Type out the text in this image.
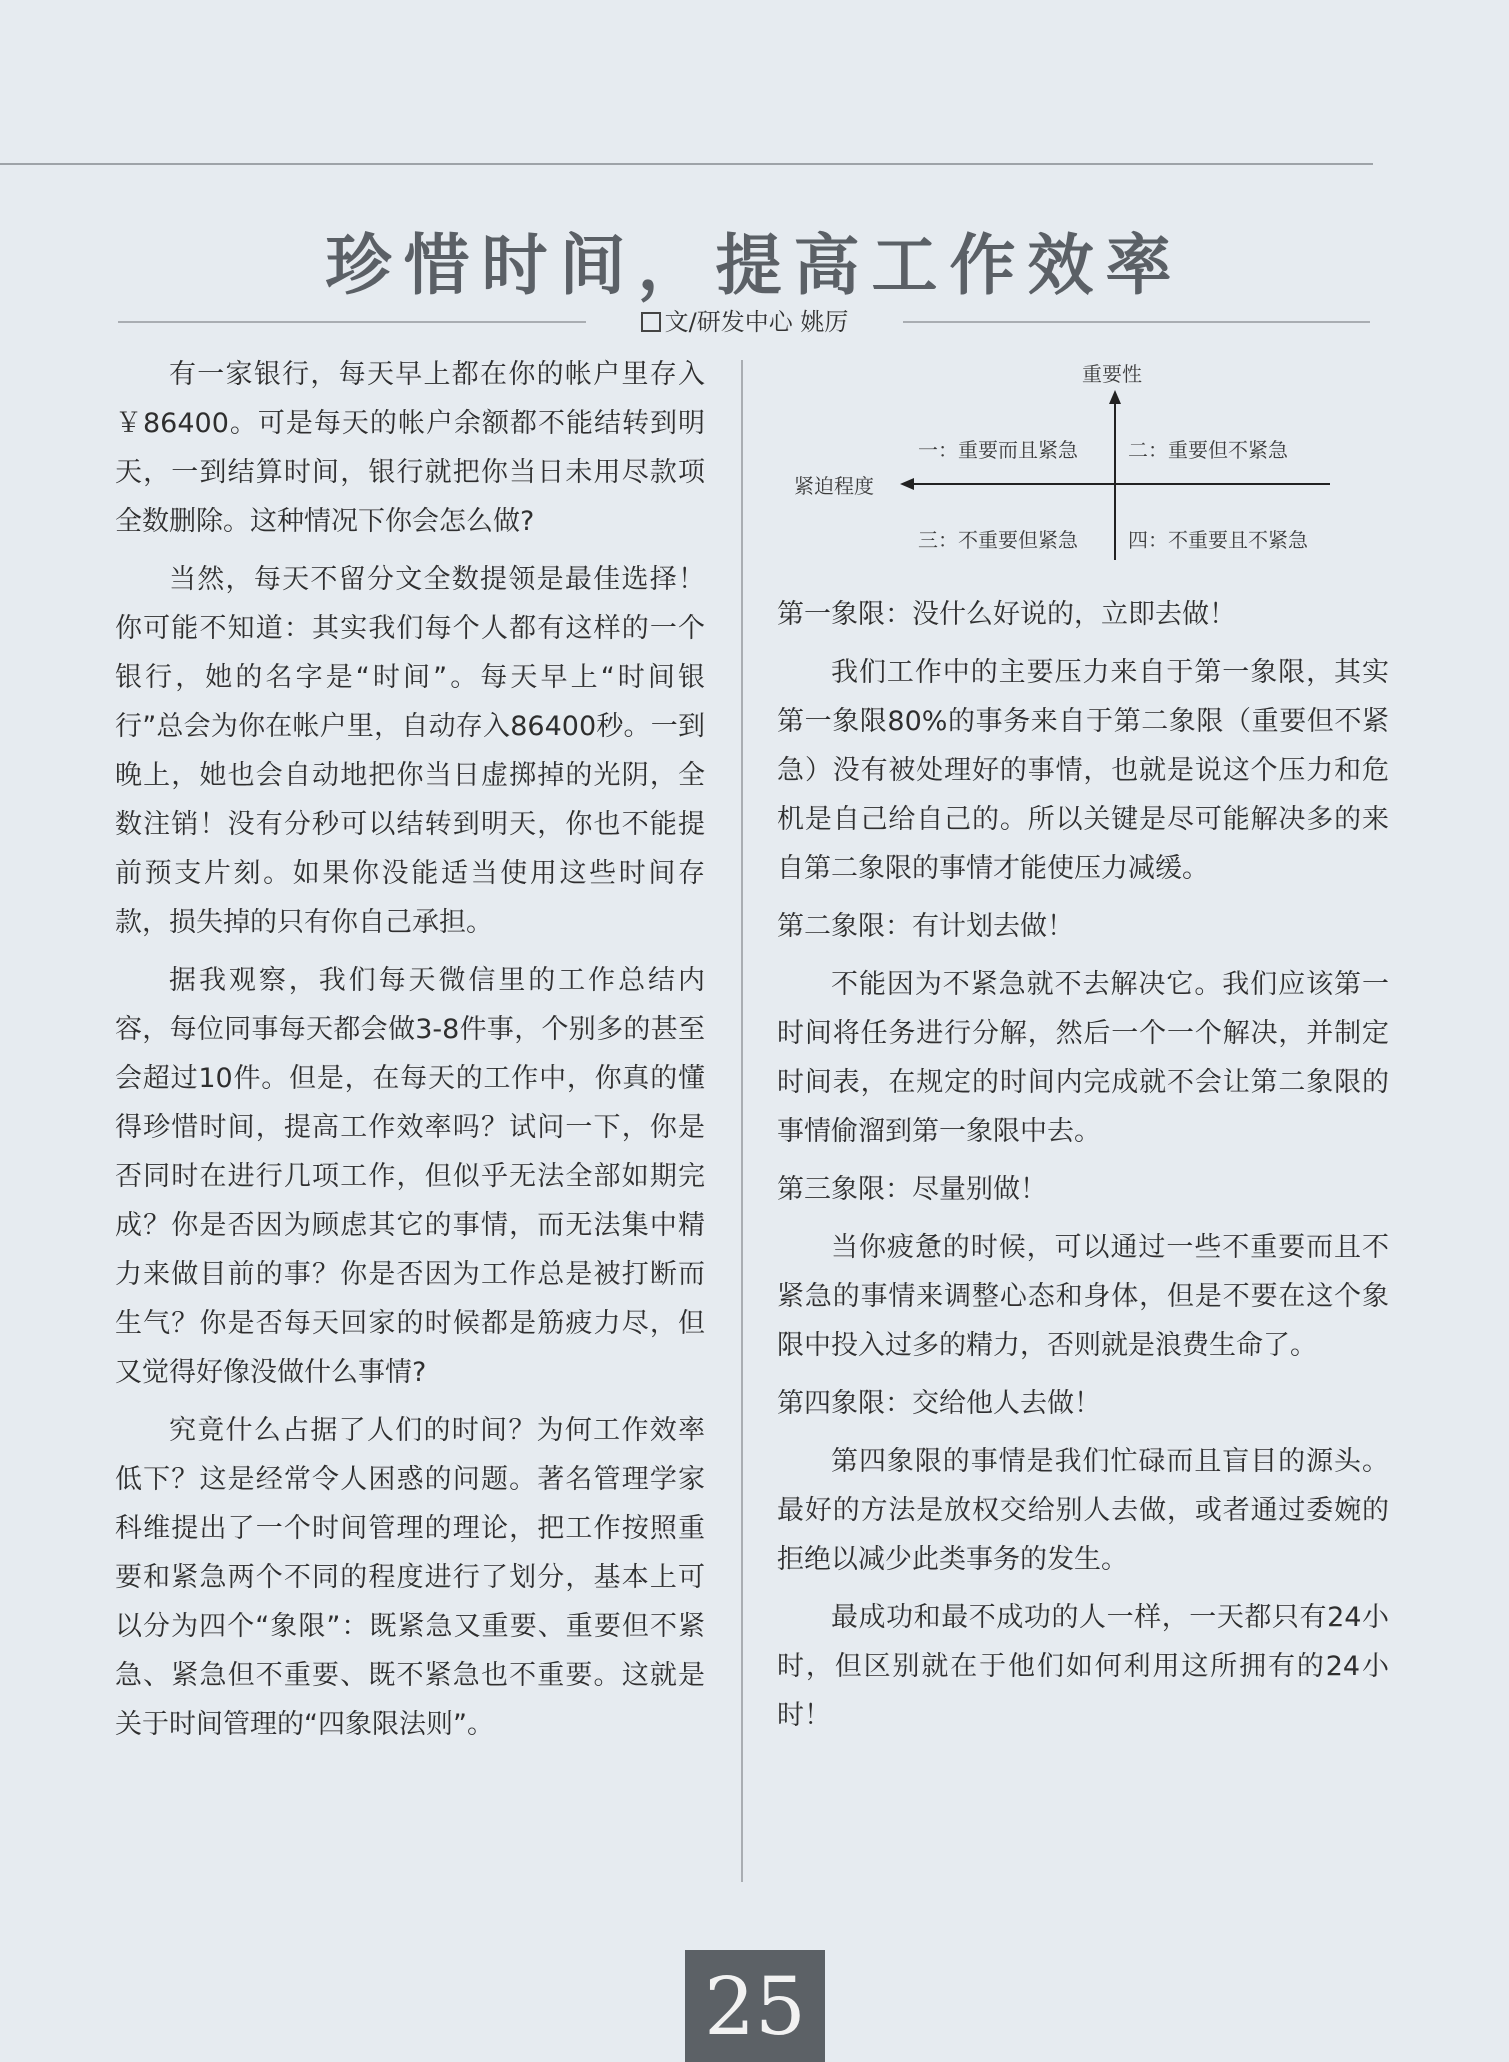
珍惜时间，提高工作效率
文/研发中心 姚厉

有一家银行，每天早上都在你的帐户里存入￥86400。可是每天的帐户余额都不能结转到明天，一到结算时间，银行就把你当日未用尽款项全数删除。这种情况下你会怎么做?

当然，每天不留分文全数提领是最佳选择！你可能不知道：其实我们每个人都有这样的一个银行，她的名字是“时间”。每天早上“时间银行”总会为你在帐户里，自动存入86400秒。一到晚上，她也会自动地把你当日虚掷掉的光阴，全数注销！没有分秒可以结转到明天，你也不能提前预支片刻。如果你没能适当使用这些时间存款，损失掉的只有你自己承担。

据我观察，我们每天微信里的工作总结内容，每位同事每天都会做3-8件事，个别多的甚至会超过10件。但是，在每天的工作中，你真的懂得珍惜时间，提高工作效率吗？试问一下，你是否同时在进行几项工作，但似乎无法全部如期完成？你是否因为顾虑其它的事情，而无法集中精力来做目前的事？你是否因为工作总是被打断而生气？你是否每天回家的时候都是筋疲力尽，但又觉得好像没做什么事情?

究竟什么占据了人们的时间？为何工作效率低下？这是经常令人困惑的问题。著名管理学家科维提出了一个时间管理的理论，把工作按照重要和紧急两个不同的程度进行了划分，基本上可以分为四个“象限”：既紧急又重要、重要但不紧急、紧急但不重要、既不紧急也不重要。这就是关于时间管理的“四象限法则”。

重要性
紧迫程度
一：重要而且紧急	二：重要但不紧急
三：不重要但紧急	四：不重要且不紧急

第一象限：没什么好说的，立即去做！

我们工作中的主要压力来自于第一象限，其实第一象限80%的事务来自于第二象限（重要但不紧急）没有被处理好的事情，也就是说这个压力和危机是自己给自己的。所以关键是尽可能解决多的来自第二象限的事情才能使压力减缓。

第二象限：有计划去做！

不能因为不紧急就不去解决它。我们应该第一时间将任务进行分解，然后一个一个解决，并制定时间表，在规定的时间内完成就不会让第二象限的事情偷溜到第一象限中去。

第三象限：尽量别做！

当你疲惫的时候，可以通过一些不重要而且不紧急的事情来调整心态和身体，但是不要在这个象限中投入过多的精力，否则就是浪费生命了。

第四象限：交给他人去做！

第四象限的事情是我们忙碌而且盲目的源头。最好的方法是放权交给别人去做，或者通过委婉的拒绝以减少此类事务的发生。

最成功和最不成功的人一样，一天都只有24小时，但区别就在于他们如何利用这所拥有的24小时！

25
